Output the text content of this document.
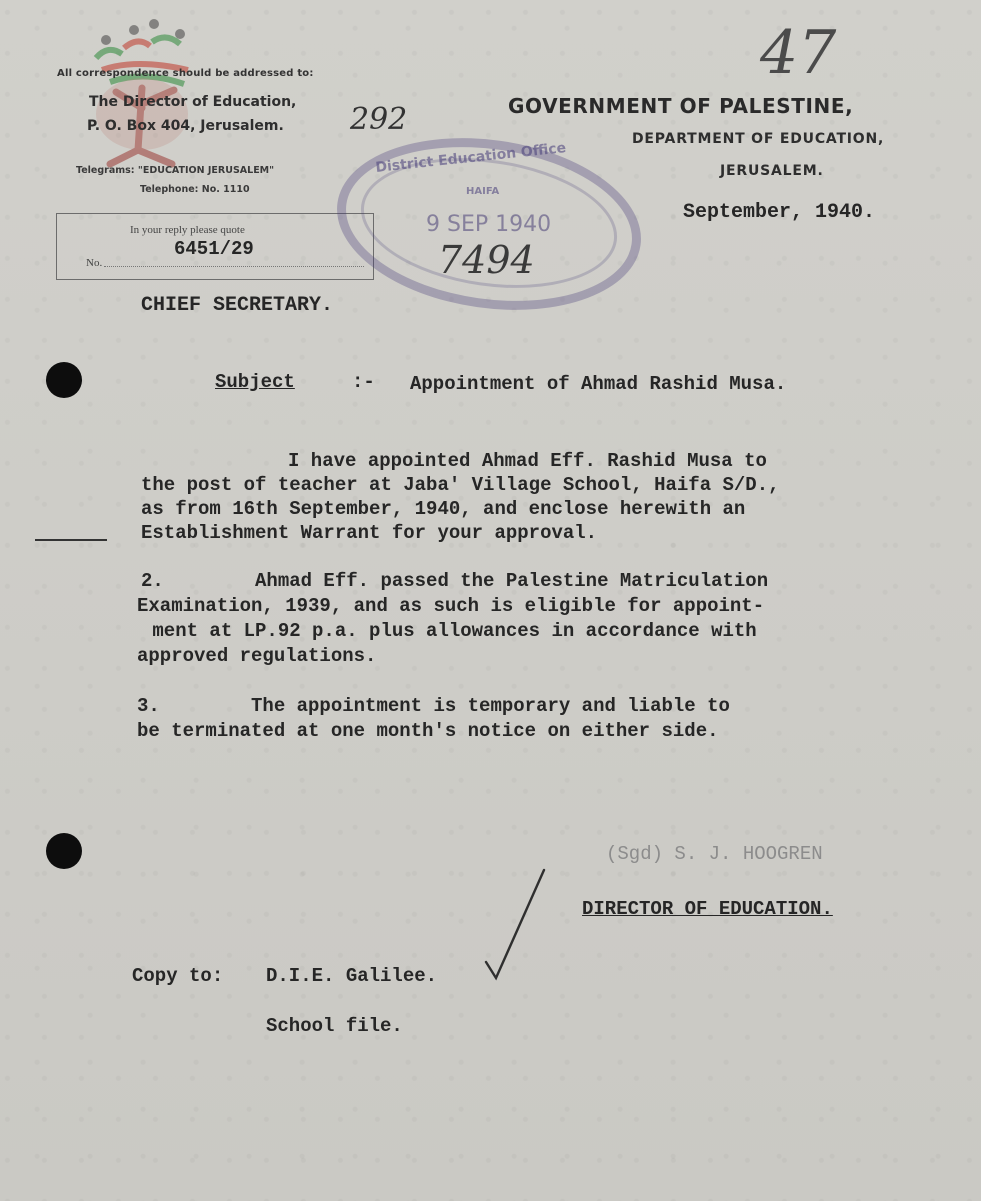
All correspondence should be addressed to:
The Director of Education,
P. O. Box 404, Jerusalem.
Telegrams: "EDUCATION JERUSALEM"
Telephone: No. 1110
In your reply please quote
No.
6451/29
GOVERNMENT OF PALESTINE,
DEPARTMENT OF EDUCATION,
JERUSALEM.
September, 1940.
47
292
District Education Office
HAIFA
9 SEP 1940
7494
CHIEF SECRETARY.
Subject	:- Appointment of Ahmad Rashid Musa.
I have appointed Ahmad Eff. Rashid Musa to
the post of teacher at Jaba' Village School, Haifa S/D.,
as from 16th September, 1940, and enclose herewith an
Establishment Warrant for your approval.
2.        Ahmad Eff. passed the Palestine Matriculation
Examination, 1939, and as such is eligible for appoint-
ment at LP.92 p.a. plus allowances in accordance with
approved regulations.
3.        The appointment is temporary and liable to
be terminated at one month's notice on either side.
(Sgd) S. J. HOOGREN
DIRECTOR OF EDUCATION.
Copy to: D.I.E. Galilee.
School file.
